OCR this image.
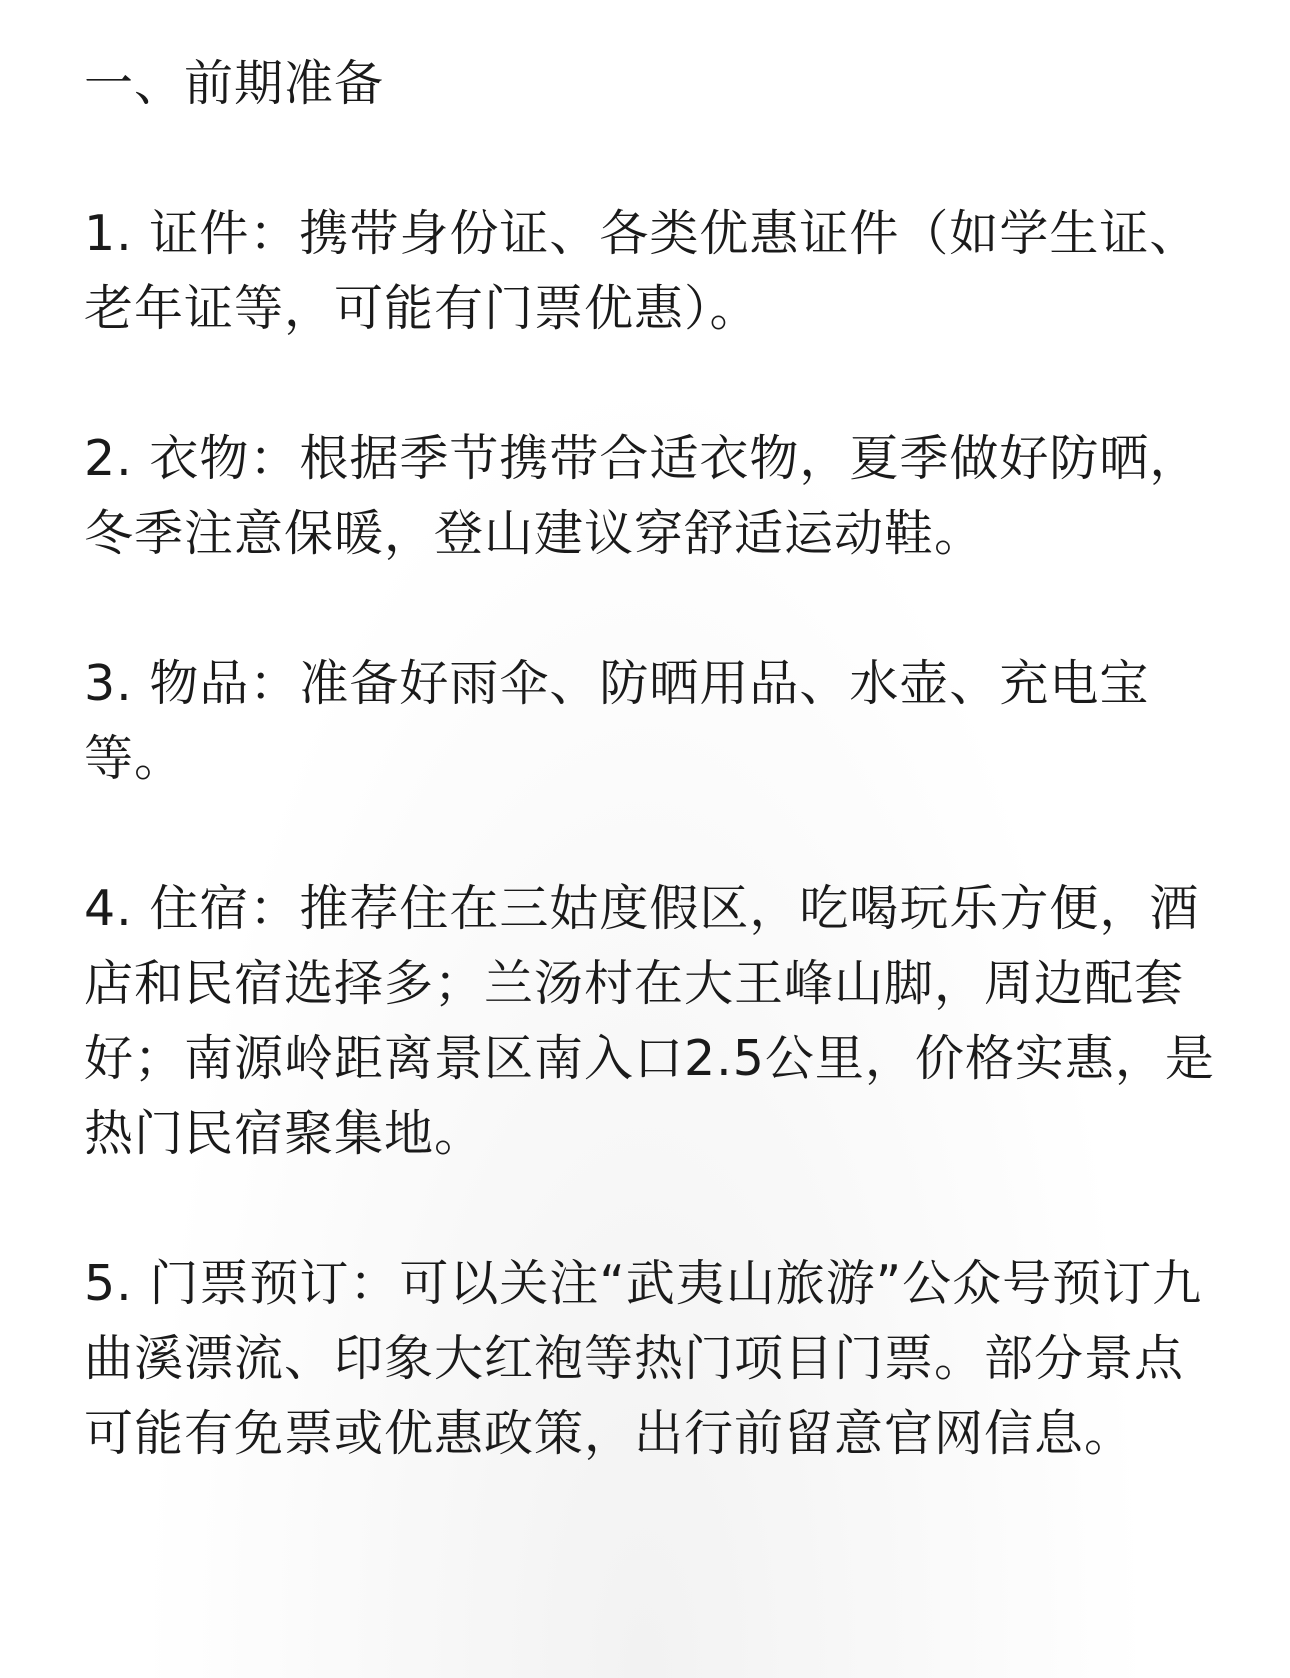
一、前期准备
1. 证件：携带身份证、各类优惠证件（如学生证、老年证等，可能有门票优惠）。
2. 衣物：根据季节携带合适衣物，夏季做好防晒，冬季注意保暖，登山建议穿舒适运动鞋。
3. 物品：准备好雨伞、防晒用品、水壶、充电宝等。
4. 住宿：推荐住在三姑度假区，吃喝玩乐方便，酒店和民宿选择多；兰汤村在大王峰山脚，周边配套好；南源岭距离景区南入口2.5公里，价格实惠，是热门民宿聚集地。
5. 门票预订：可以关注“武夷山旅游”公众号预订九曲溪漂流、印象大红袍等热门项目门票。部分景点可能有免票或优惠政策，出行前留意官网信息。
